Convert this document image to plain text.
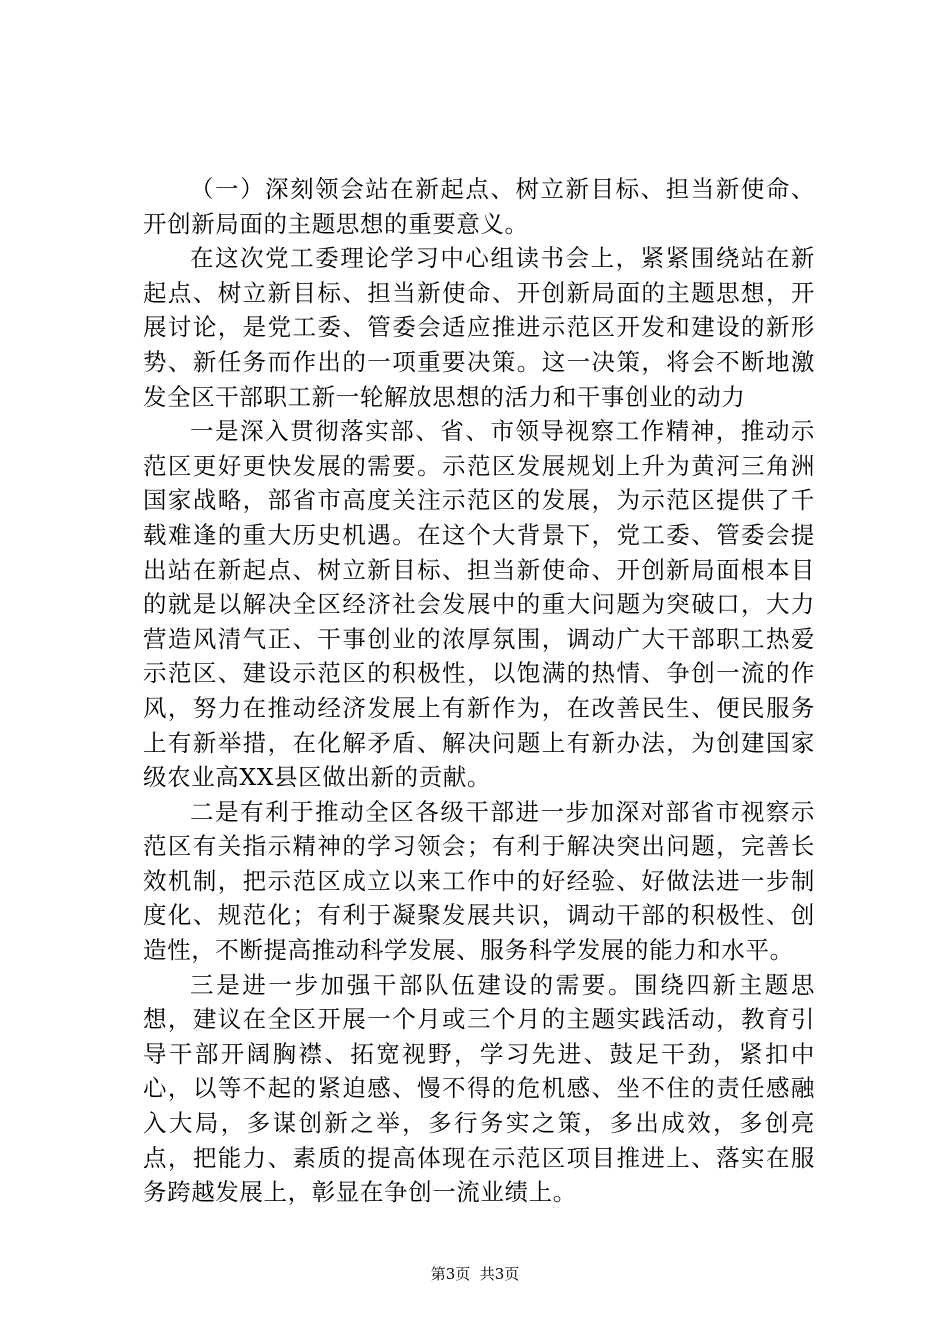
（一）深刻领会站在新起点、树立新目标、担当新使命、开创新局面的主题思想的重要意义。

在这次党工委理论学习中心组读书会上，紧紧围绕站在新起点、树立新目标、担当新使命、开创新局面的主题思想，开展讨论，是党工委、管委会适应推进示范区开发和建设的新形势、新任务而作出的一项重要决策。这一决策，将会不断地激发全区干部职工新一轮解放思想的活力和干事创业的动力

一是深入贯彻落实部、省、市领导视察工作精神，推动示范区更好更快发展的需要。示范区发展规划上升为黄河三角洲国家战略，部省市高度关注示范区的发展，为示范区提供了千载难逢的重大历史机遇。在这个大背景下，党工委、管委会提出站在新起点、树立新目标、担当新使命、开创新局面根本目的就是以解决全区经济社会发展中的重大问题为突破口，大力营造风清气正、干事创业的浓厚氛围，调动广大干部职工热爱示范区、建设示范区的积极性，以饱满的热情、争创一流的作风，努力在推动经济发展上有新作为，在改善民生、便民服务上有新举措，在化解矛盾、解决问题上有新办法，为创建国家级农业高XX县区做出新的贡献。

二是有利于推动全区各级干部进一步加深对部省市视察示范区有关指示精神的学习领会；有利于解决突出问题，完善长效机制，把示范区成立以来工作中的好经验、好做法进一步制度化、规范化；有利于凝聚发展共识，调动干部的积极性、创造性，不断提高推动科学发展、服务科学发展的能力和水平。

三是进一步加强干部队伍建设的需要。围绕四新主题思想，建议在全区开展一个月或三个月的主题实践活动，教育引导干部开阔胸襟、拓宽视野，学习先进、鼓足干劲，紧扣中心，以等不起的紧迫感、慢不得的危机感、坐不住的责任感融入大局，多谋创新之举，多行务实之策，多出成效，多创亮点，把能力、素质的提高体现在示范区项目推进上、落实在服务跨越发展上，彰显在争创一流业绩上。

第3页  共3页
